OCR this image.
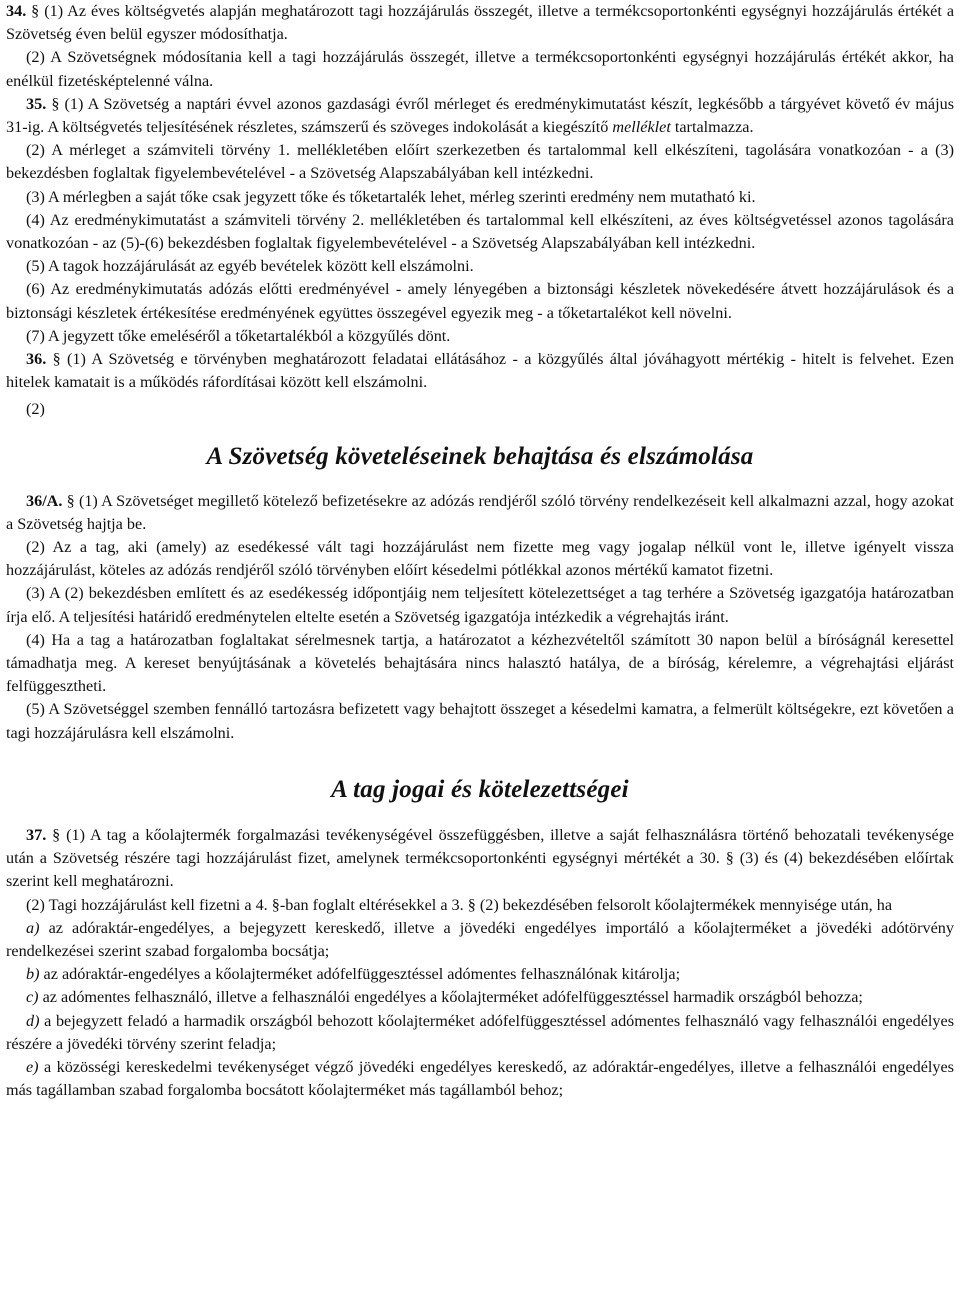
34. § (1) Az éves költségvetés alapján meghatározott tagi hozzájárulás összegét, illetve a termékcsoportonkénti egységnyi hozzájárulás értékét a Szövetség éven belül egyszer módosíthatja.

(2) A Szövetségnek módosítania kell a tagi hozzájárulás összegét, illetve a termékcsoportonkénti egységnyi hozzájárulás értékét akkor, ha enélkül fizetésképtelenné válna.

35. § (1) A Szövetség a naptári évvel azonos gazdasági évről mérleget és eredménykimutatást készít, legkésőbb a tárgyévet követő év május 31-ig. A költségvetés teljesítésének részletes, számszerű és szöveges indokolását a kiegészítő melléklet tartalmazza.

(2) A mérleget a számviteli törvény 1. mellékletében előírt szerkezetben és tartalommal kell elkészíteni, tagolására vonatkozóan - a (3) bekezdésben foglaltak figyelembevételével - a Szövetség Alapszabályában kell intézkedni.

(3) A mérlegben a saját tőke csak jegyzett tőke és tőketartalék lehet, mérleg szerinti eredmény nem mutatható ki.

(4) Az eredménykimutatást a számviteli törvény 2. mellékletében és tartalommal kell elkészíteni, az éves költségvetéssel azonos tagolására vonatkozóan - az (5)-(6) bekezdésben foglaltak figyelembevételével - a Szövetség Alapszabályában kell intézkedni.

(5) A tagok hozzájárulását az egyéb bevételek között kell elszámolni.

(6) Az eredménykimutatás adózás előtti eredményével - amely lényegében a biztonsági készletek növekedésére átvett hozzájárulások és a biztonsági készletek értékesítése eredményének együttes összegével egyezik meg - a tőketartalékot kell növelni.

(7) A jegyzett tőke emeléséről a tőketartalékból a közgyűlés dönt.

36. § (1) A Szövetség e törvényben meghatározott feladatai ellátásához - a közgyűlés által jóváhagyott mértékig - hitelt is felvehet. Ezen hitelek kamatait is a működés ráfordításai között kell elszámolni.

(2)

A Szövetség követeléseinek behajtása és elszámolása

36/A. § (1) A Szövetséget megillető kötelező befizetésekre az adózás rendjéről szóló törvény rendelkezéseit kell alkalmazni azzal, hogy azokat a Szövetség hajtja be.

(2) Az a tag, aki (amely) az esedékessé vált tagi hozzájárulást nem fizette meg vagy jogalap nélkül vont le, illetve igényelt vissza hozzájárulást, köteles az adózás rendjéről szóló törvényben előírt késedelmi pótlékkal azonos mértékű kamatot fizetni.

(3) A (2) bekezdésben említett és az esedékesség időpontjáig nem teljesített kötelezettséget a tag terhére a Szövetség igazgatója határozatban írja elő. A teljesítési határidő eredménytelen eltelte esetén a Szövetség igazgatója intézkedik a végrehajtás iránt.

(4) Ha a tag a határozatban foglaltakat sérelmesnek tartja, a határozatot a kézhezvételtől számított 30 napon belül a bíróságnál keresettel támadhatja meg. A kereset benyújtásának a követelés behajtására nincs halasztó hatálya, de a bíróság, kérelemre, a végrehajtási eljárást felfüggesztheti.

(5) A Szövetséggel szemben fennálló tartozásra befizetett vagy behajtott összeget a késedelmi kamatra, a felmerült költségekre, ezt követően a tagi hozzájárulásra kell elszámolni.

A tag jogai és kötelezettségei

37. § (1) A tag a kőolajtermék forgalmazási tevékenységével összefüggésben, illetve a saját felhasználásra történő behozatali tevékenysége után a Szövetség részére tagi hozzájárulást fizet, amelynek termékcsoportonkénti egységnyi mértékét a 30. § (3) és (4) bekezdésében előírtak szerint kell meghatározni.

(2) Tagi hozzájárulást kell fizetni a 4. §-ban foglalt eltérésekkel a 3. § (2) bekezdésében felsorolt kőolajtermékek mennyisége után, ha

a) az adóraktár-engedélyes, a bejegyzett kereskedő, illetve a jövedéki engedélyes importáló a kőolajterméket a jövedéki adótörvény rendelkezései szerint szabad forgalomba bocsátja;

b) az adóraktár-engedélyes a kőolajterméket adófelfüggesztéssel adómentes felhasználónak kitárolja;

c) az adómentes felhasználó, illetve a felhasználói engedélyes a kőolajterméket adófelfüggesztéssel harmadik országból behozza;

d) a bejegyzett feladó a harmadik országból behozott kőolajterméket adófelfüggesztéssel adómentes felhasználó vagy felhasználói engedélyes részére a jövedéki törvény szerint feladja;

e) a közösségi kereskedelmi tevékenységet végző jövedéki engedélyes kereskedő, az adóraktár-engedélyes, illetve a felhasználói engedélyes más tagállamban szabad forgalomba bocsátott kőolajterméket más tagállamból behoz;
